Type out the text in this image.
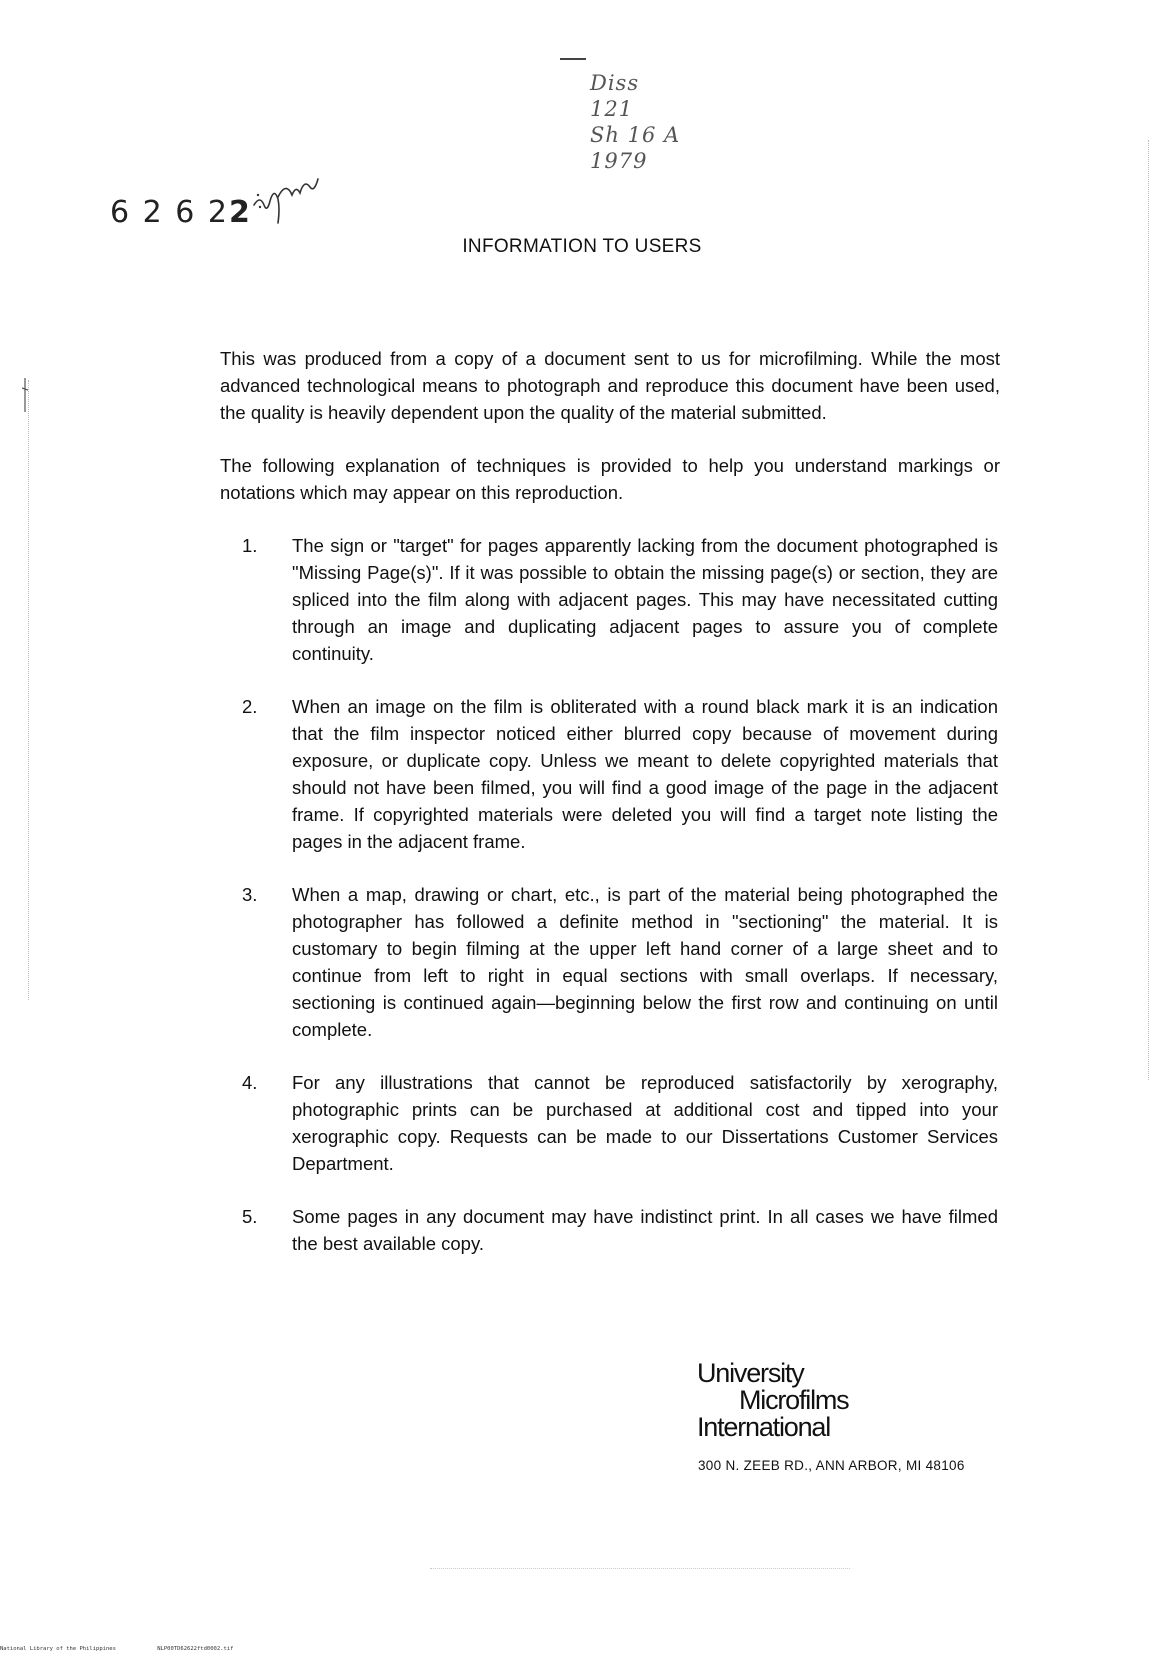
Diss
121
Sh 16 A
1979
6 2 6 22
INFORMATION TO USERS

This was produced from a copy of a document sent to us for microfilming. While the most advanced technological means to photograph and reproduce this document have been used, the quality is heavily dependent upon the quality of the material submitted.

The following explanation of techniques is provided to help you understand markings or notations which may appear on this reproduction.

1.	The sign or "target" for pages apparently lacking from the document photographed is "Missing Page(s)". If it was possible to obtain the missing page(s) or section, they are spliced into the film along with adjacent pages. This may have necessitated cutting through an image and duplicating adjacent pages to assure you of complete continuity.
2.	When an image on the film is obliterated with a round black mark it is an indication that the film inspector noticed either blurred copy because of movement during exposure, or duplicate copy. Unless we meant to delete copyrighted materials that should not have been filmed, you will find a good image of the page in the adjacent frame. If copyrighted materials were deleted you will find a target note listing the pages in the adjacent frame.
3.	When a map, drawing or chart, etc., is part of the material being photographed the photographer has followed a definite method in "sectioning" the material. It is customary to begin filming at the upper left hand corner of a large sheet and to continue from left to right in equal sections with small overlaps. If necessary, sectioning is continued again—beginning below the first row and continuing on until complete.
4.	For any illustrations that cannot be reproduced satisfactorily by xerography, photographic prints can be purchased at additional cost and tipped into your xerographic copy. Requests can be made to our Dissertations Customer Services Department.
5.	Some pages in any document may have indistinct print. In all cases we have filmed the best available copy.
University
Microfilms
International
300 N. ZEEB RD., ANN ARBOR, MI 48106
National Library of the Philippines	NLP00TD62622ftd0002.tif
